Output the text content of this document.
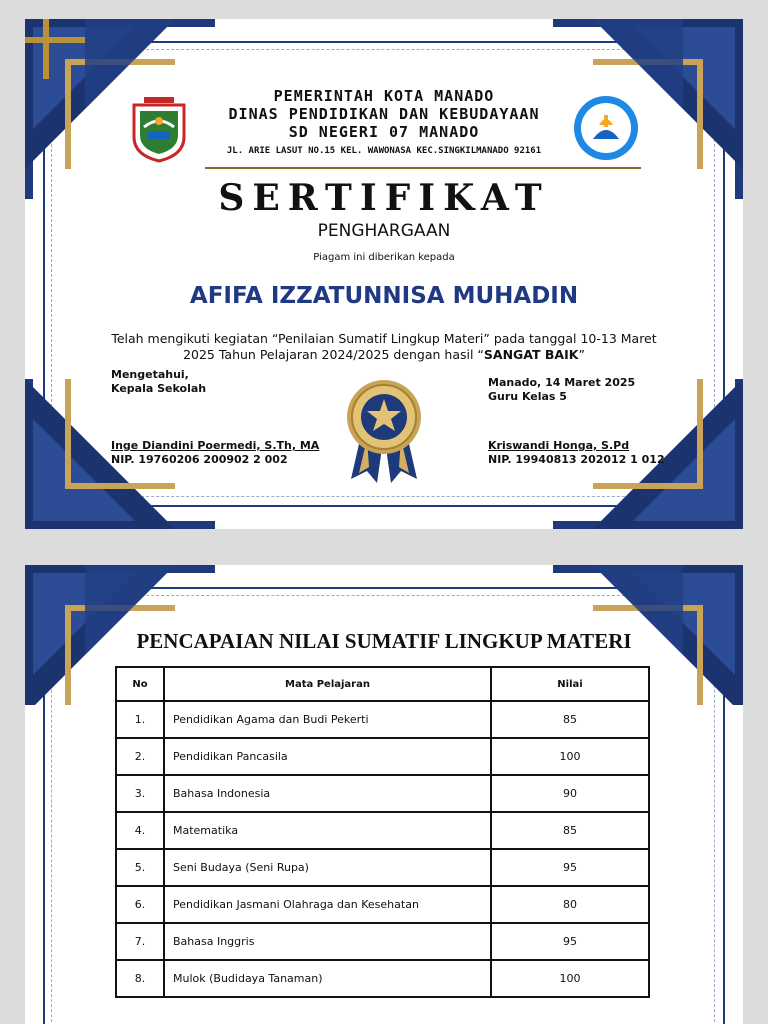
PEMERINTAH KOTA MANADO
DINAS PENDIDIKAN DAN KEBUDAYAAN
SD NEGERI 07 MANADO
JL. ARIE LASUT NO.15 KEL. WAWONASA KEC.SINGKILMANADO 92161
SERTIFIKAT
PENGHARGAAN
Piagam ini diberikan kepada
AFIFA IZZATUNNISA MUHADIN
Telah mengikuti kegiatan “Penilaian Sumatif Lingkup Materi” pada tanggal 10-13 Maret
2025 Tahun Pelajaran 2024/2025 dengan hasil “SANGAT BAIK”
Mengetahui,
Kepala Sekolah
Inge Diandini Poermedi, S.Th, MA
NIP. 19760206 200902 2 002
Manado, 14 Maret 2025
Guru Kelas 5
Kriswandi Honga, S.Pd
NIP. 19940813 202012 1 012
PENCAPAIAN NILAI SUMATIF LINGKUP MATERI
No	Mata Pelajaran	Nilai
1.	Pendidikan Agama dan Budi Pekerti	85
2.	Pendidikan Pancasila	100
3.	Bahasa Indonesia	90
4.	Matematika	85
5.	Seni Budaya (Seni Rupa)	95
6.	Pendidikan Jasmani Olahraga dan Kesehatan	80
7.	Bahasa Inggris	95
8.	Mulok (Budidaya Tanaman)	100
